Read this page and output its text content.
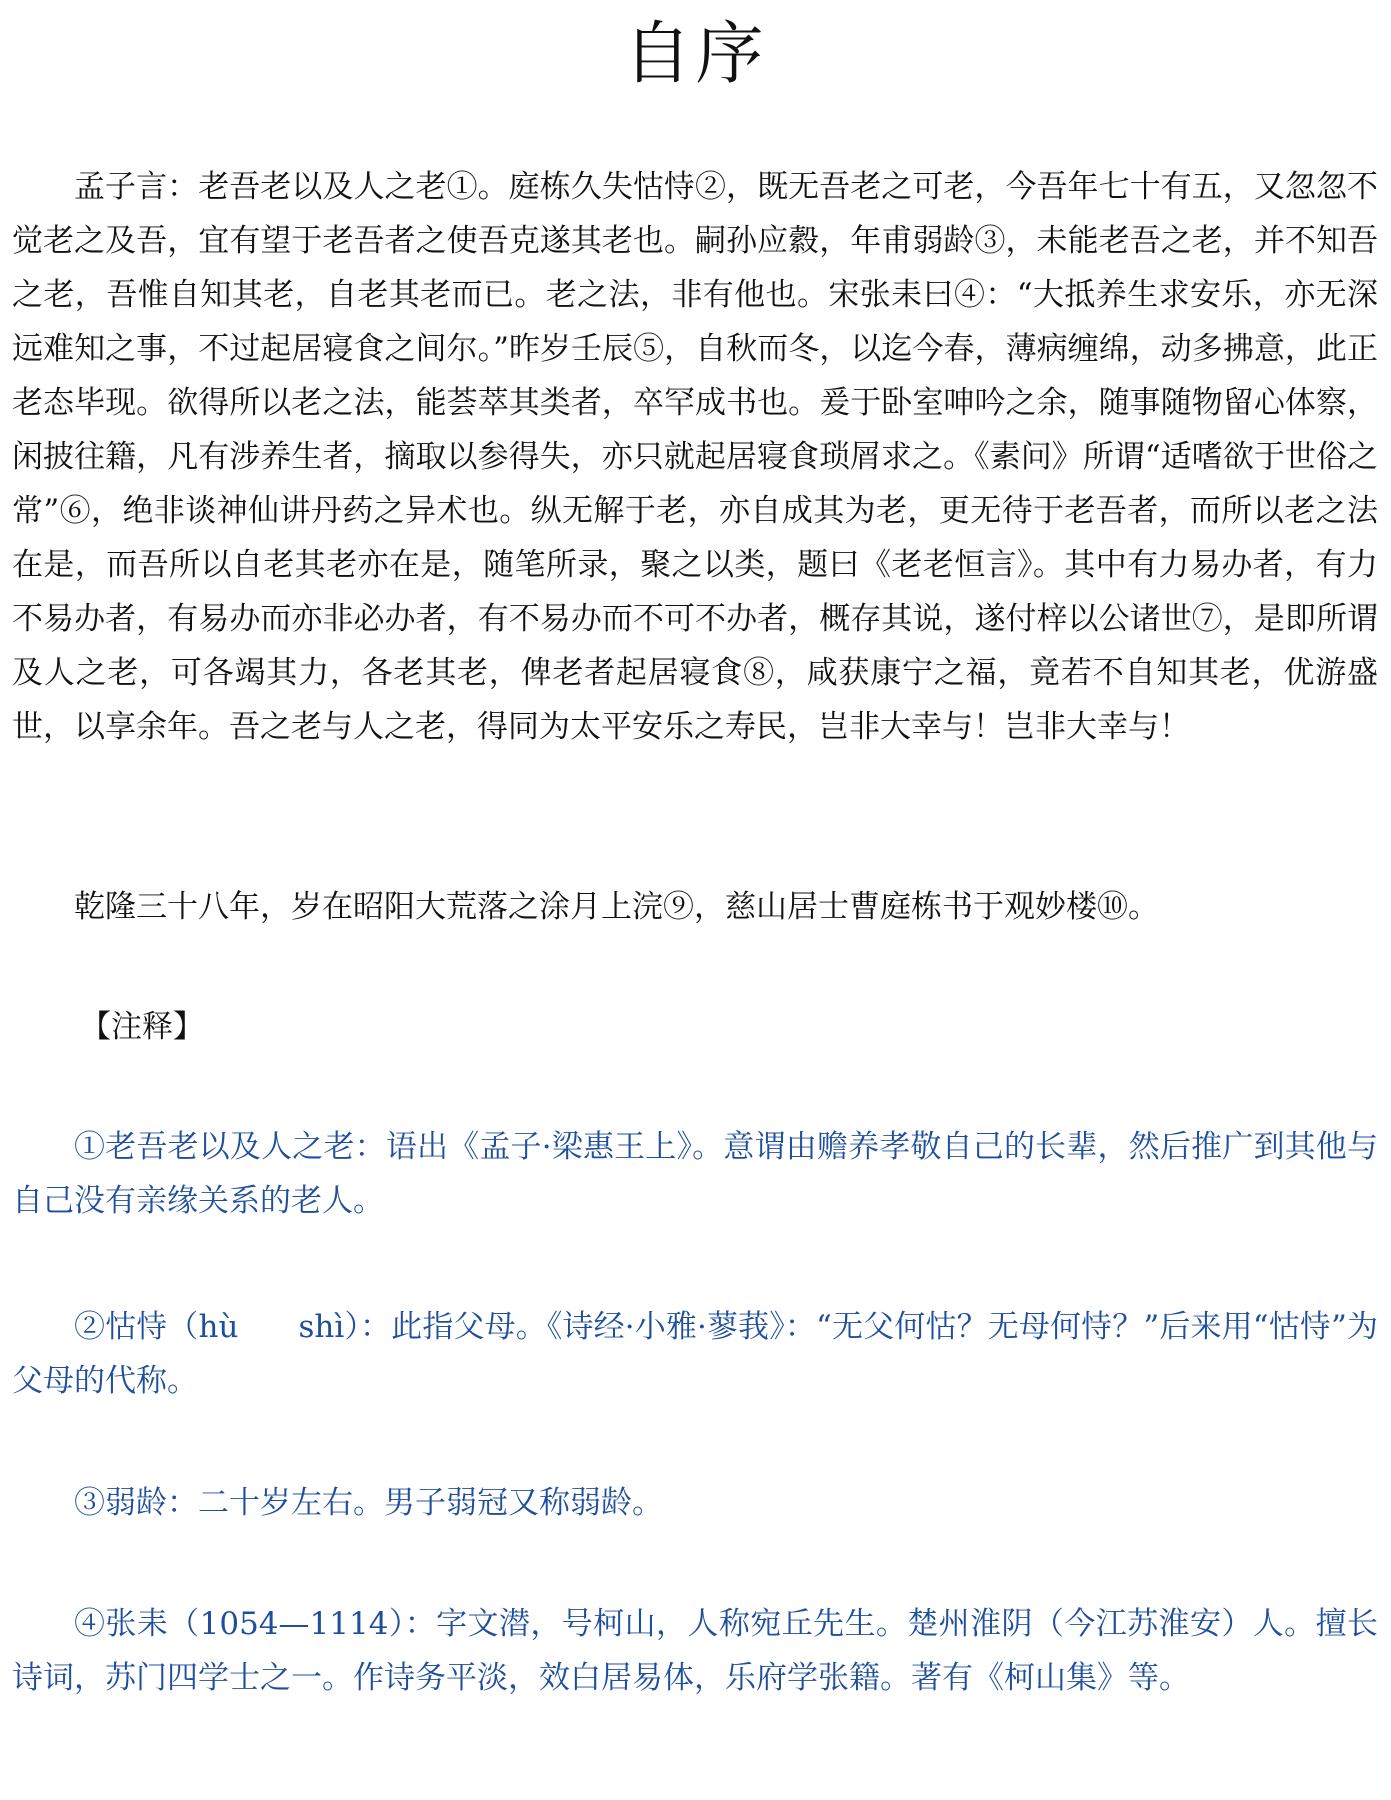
自序

孟子言：老吾老以及人之老①。庭栋久失怙恃②，既无吾老之可老，今吾年七十有五，又忽忽不觉老之及吾，宜有望于老吾者之使吾克遂其老也。嗣孙应縠，年甫弱龄③，未能老吾之老，并不知吾之老，吾惟自知其老，自老其老而已。老之法，非有他也。宋张耒曰④：“大抵养生求安乐，亦无深远难知之事，不过起居寝食之间尔。”昨岁壬辰⑤，自秋而冬，以迄今春，薄病缠绵，动多拂意，此正老态毕现。欲得所以老之法，能荟萃其类者，卒罕成书也。爰于卧室呻吟之余，随事随物留心体察，闲披往籍，凡有涉养生者，摘取以参得失，亦只就起居寝食琐屑求之。《素问》所谓“适嗜欲于世俗之常”⑥，绝非谈神仙讲丹药之异术也。纵无解于老，亦自成其为老，更无待于老吾者，而所以老之法在是，而吾所以自老其老亦在是，随笔所录，聚之以类，题曰《老老恒言》。其中有力易办者，有力不易办者，有易办而亦非必办者，有不易办而不可不办者，概存其说，遂付梓以公诸世⑦，是即所谓及人之老，可各竭其力，各老其老，俾老者起居寝食⑧，咸获康宁之福，竟若不自知其老，优游盛世，以享余年。吾之老与人之老，得同为太平安乐之寿民，岂非大幸与！岂非大幸与！

乾隆三十八年，岁在昭阳大荒落之涂月上浣⑨，慈山居士曹庭栋书于观妙楼⑩。

【注释】

①老吾老以及人之老：语出《孟子·梁惠王上》。意谓由赡养孝敬自己的长辈，然后推广到其他与自己没有亲缘关系的老人。

②怙恃（hù shì）：此指父母。《诗经·小雅·蓼莪》：“无父何怙？无母何恃？”后来用“怙恃”为父母的代称。

③弱龄：二十岁左右。男子弱冠又称弱龄。

④张耒（1054—1114）：字文潜，号柯山，人称宛丘先生。楚州淮阴（今江苏淮安）人。擅长诗词，苏门四学士之一。作诗务平淡，效白居易体，乐府学张籍。著有《柯山集》等。
